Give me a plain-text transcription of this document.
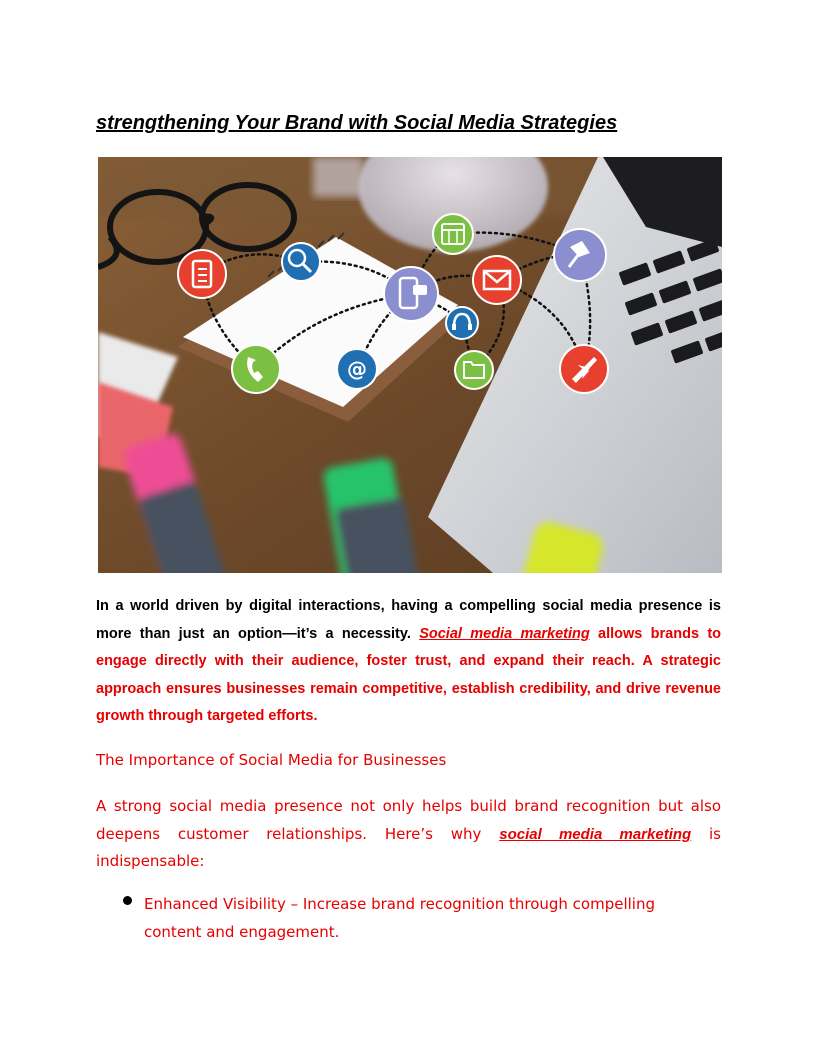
strengthening Your Brand with Social Media Strategies
@

In a world driven by digital interactions, having a compelling social media presence is more than just an option—it’s a necessity. Social media marketing allows brands to engage directly with their audience, foster trust, and expand their reach. A strategic approach ensures businesses remain competitive, establish credibility, and drive revenue growth through targeted efforts.

The Importance of Social Media for Businesses

A strong social media presence not only helps build brand recognition but also deepens customer relationships. Here’s why social media marketing is indispensable:

Enhanced Visibility – Increase brand recognition through compelling content and engagement.
